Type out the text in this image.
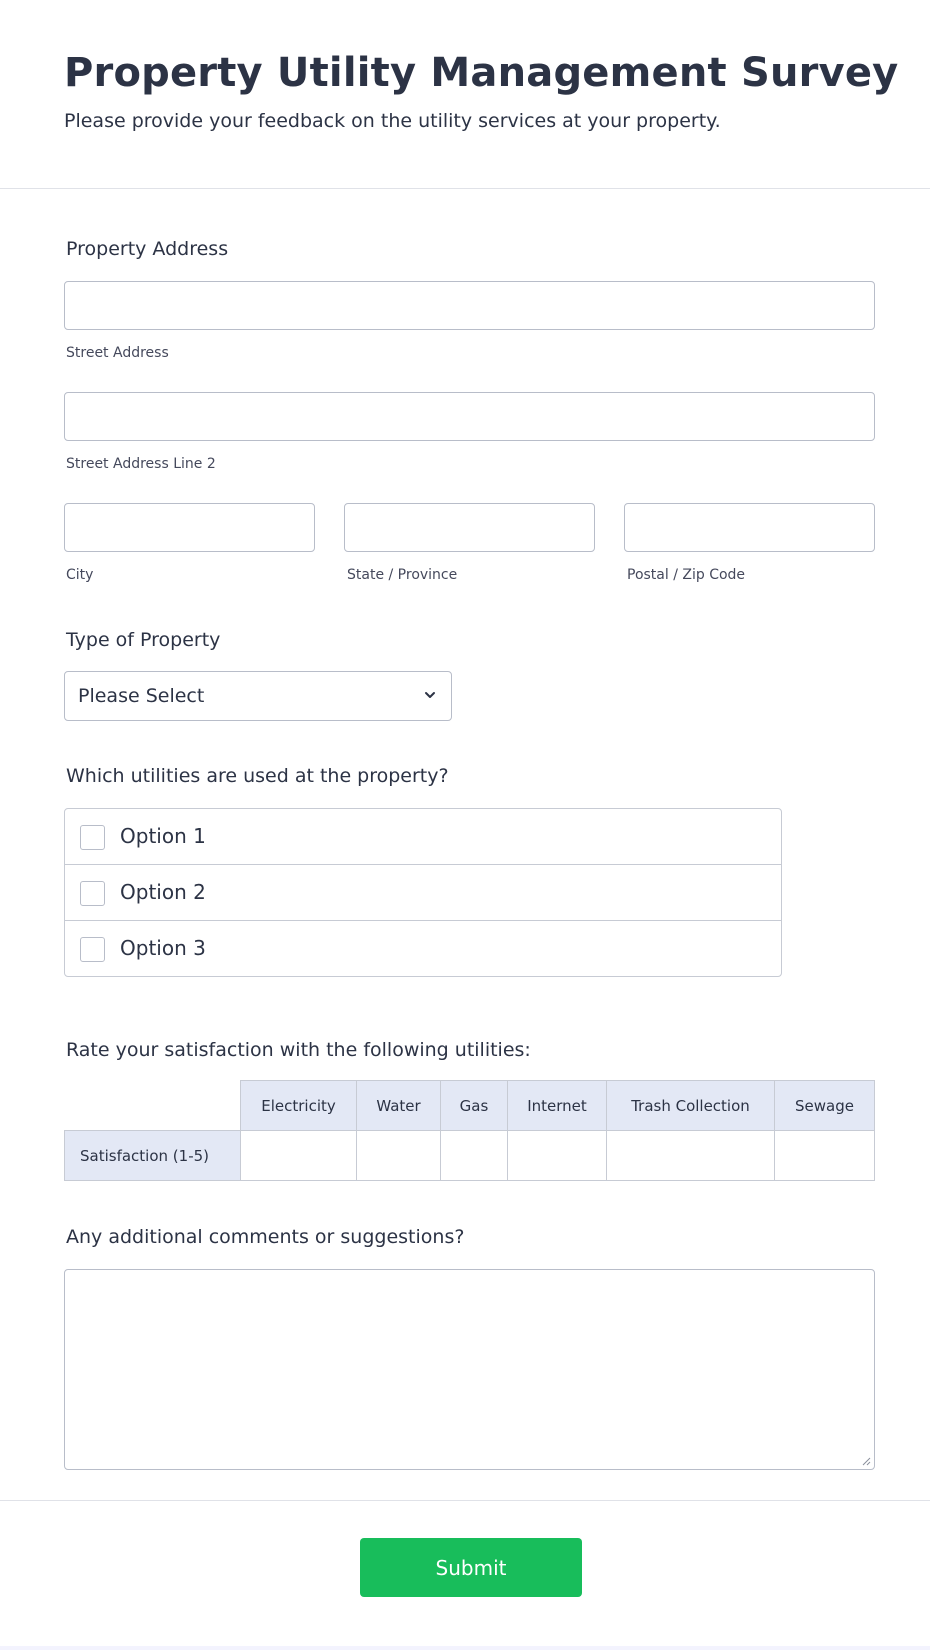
Property Utility Management Survey

Please provide your feedback on the utility services at your property.

Property Address
Street Address
Street Address Line 2
City	State / Province	Postal / Zip Code
Type of Property
Please Select
Which utilities are used at the property?
Option 1
Option 2
Option 3
Rate your satisfaction with the following utilities:
Electricity	Water	Gas	Internet	Trash Collection	Sewage
Satisfaction (1-5)
Any additional comments or suggestions?
Submit
